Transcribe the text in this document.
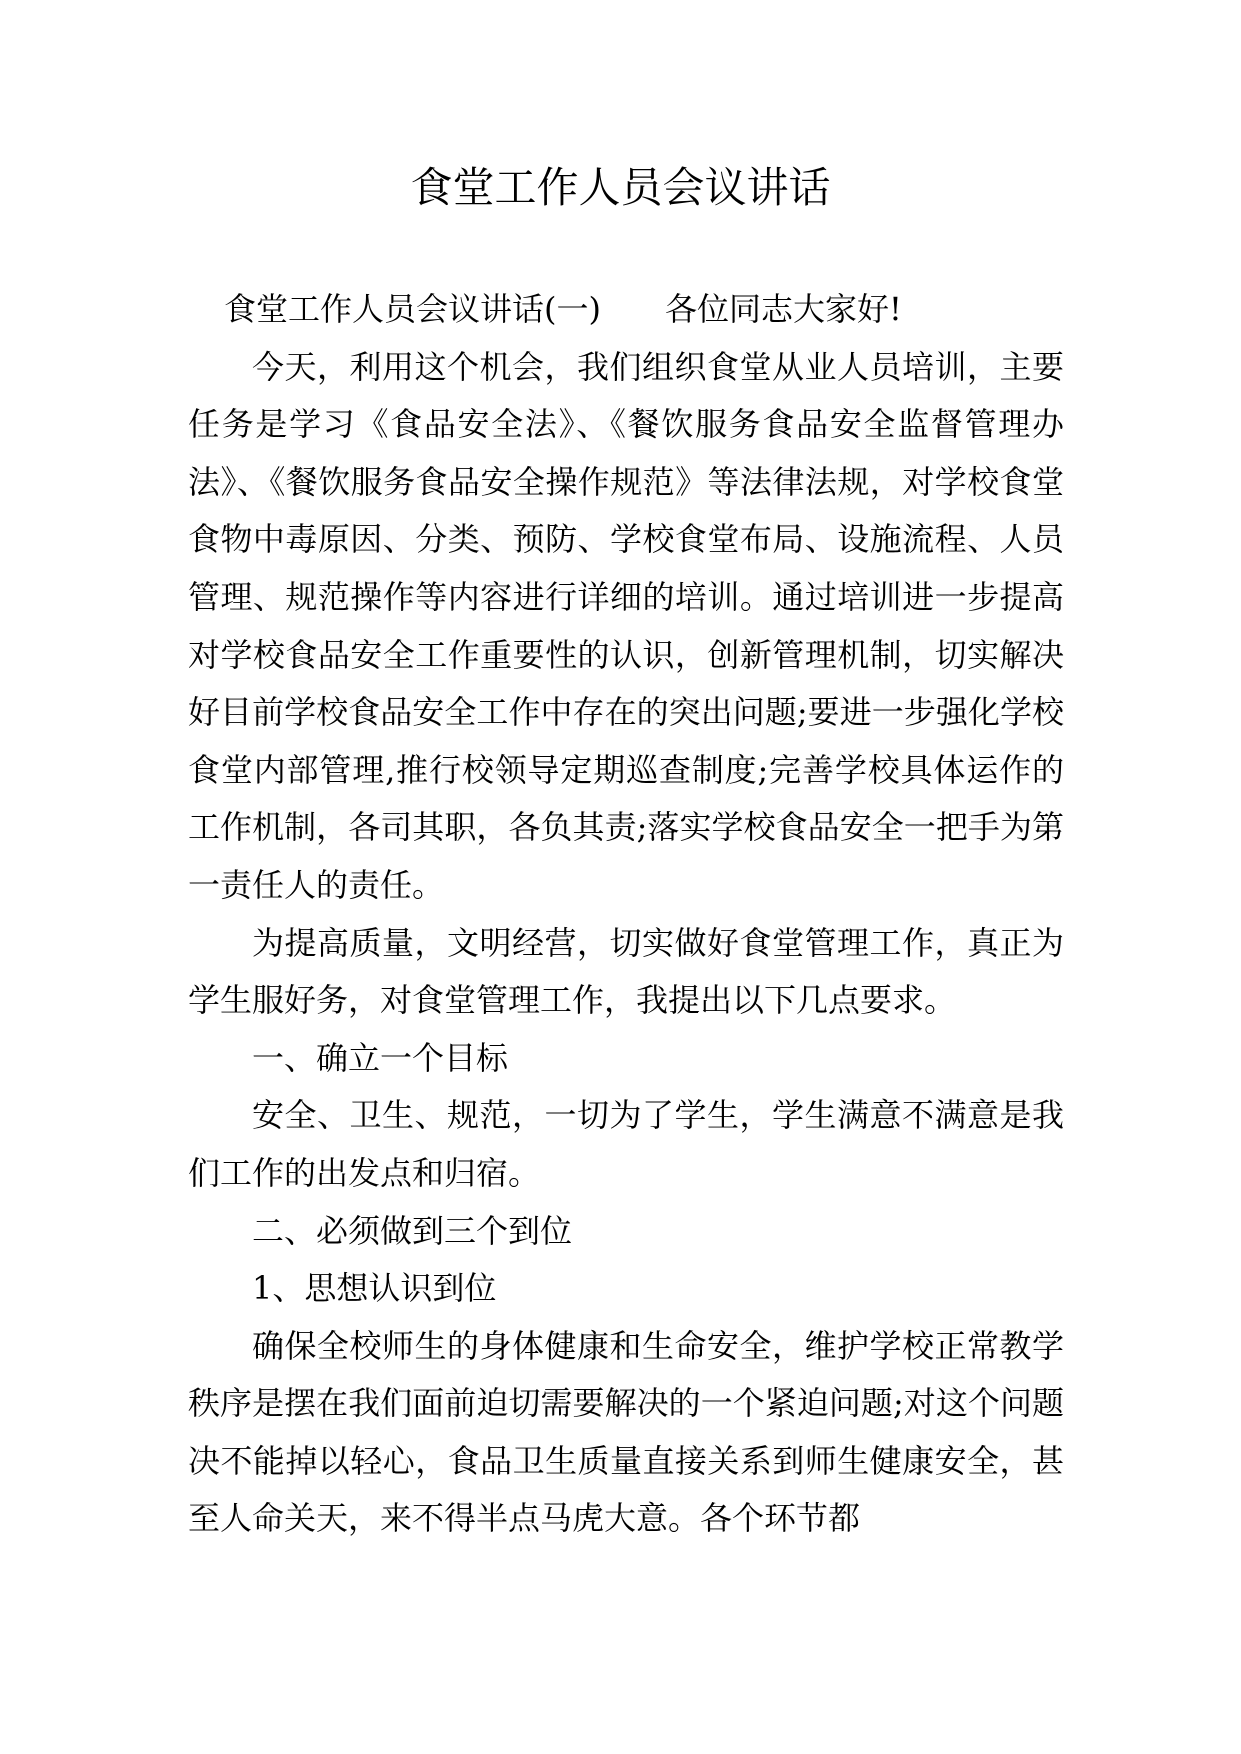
食堂工作人员会议讲话

食堂工作人员会议讲话(一)　　各位同志大家好!

今天，利用这个机会，我们组织食堂从业人员培训，主要任务是学习《食品安全法》、《餐饮服务食品安全监督管理办法》、《餐饮服务食品安全操作规范》等法律法规，对学校食堂食物中毒原因、分类、预防、学校食堂布局、设施流程、人员管理、规范操作等内容进行详细的培训。通过培训进一步提高对学校食品安全工作重要性的认识，创新管理机制，切实解决好目前学校食品安全工作中存在的突出问题;要进一步强化学校食堂内部管理,推行校领导定期巡查制度;完善学校具体运作的工作机制，各司其职，各负其责;落实学校食品安全一把手为第一责任人的责任。

为提高质量，文明经营，切实做好食堂管理工作，真正为学生服好务，对食堂管理工作，我提出以下几点要求。

一、确立一个目标

安全、卫生、规范，一切为了学生，学生满意不满意是我们工作的出发点和归宿。

二、必须做到三个到位

1、思想认识到位

确保全校师生的身体健康和生命安全，维护学校正常教学秩序是摆在我们面前迫切需要解决的一个紧迫问题;对这个问题决不能掉以轻心，食品卫生质量直接关系到师生健康安全，甚至人命关天，来不得半点马虎大意。各个环节都
